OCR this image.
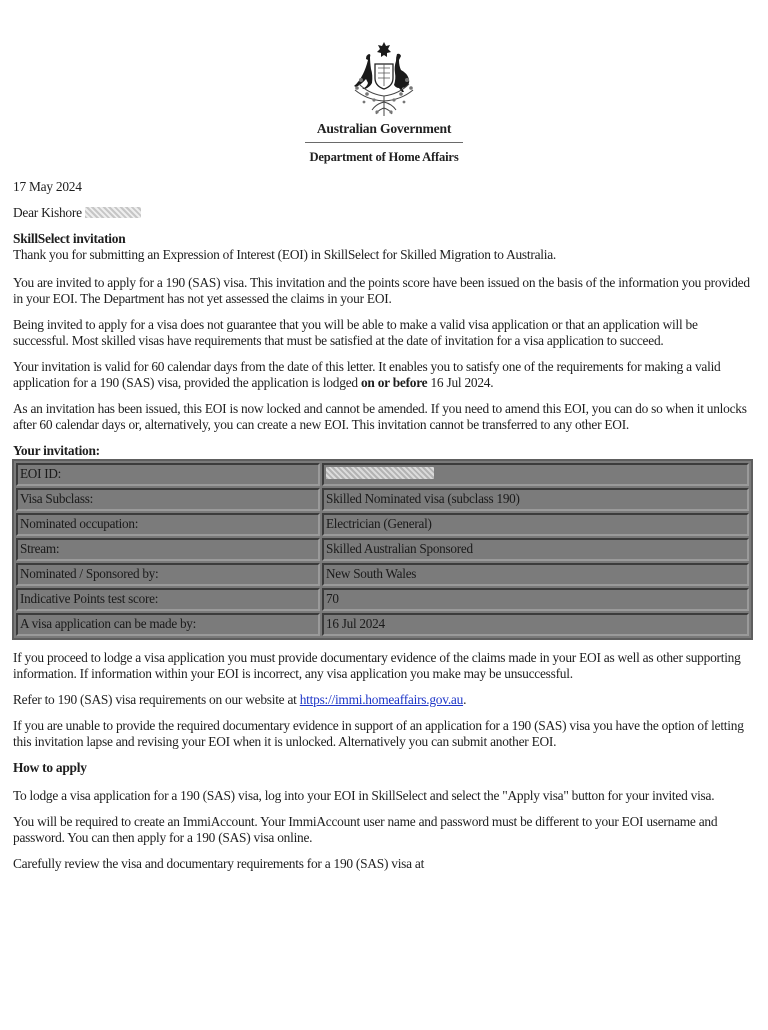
Australian Government
Department of Home Affairs

17 May 2024

Dear Kishore

SkillSelect invitation
Thank you for submitting an Expression of Interest (EOI) in SkillSelect for Skilled Migration to Australia.

You are invited to apply for a 190 (SAS) visa. This invitation and the points score have been issued on the basis of the information you provided in your EOI. The Department has not yet assessed the claims in your EOI.

Being invited to apply for a visa does not guarantee that you will be able to make a valid visa application or that an application will be successful. Most skilled visas have requirements that must be satisfied at the date of invitation for a visa application to succeed.

Your invitation is valid for 60 calendar days from the date of this letter. It enables you to satisfy one of the requirements for making a valid application for a 190 (SAS) visa, provided the application is lodged on or before 16 Jul 2024.

As an invitation has been issued, this EOI is now locked and cannot be amended. If you need to amend this EOI, you can do so when it unlocks after 60 calendar days or, alternatively, you can create a new EOI. This invitation cannot be transferred to any other EOI.

Your invitation:

EOI ID:	
Visa Subclass:	Skilled Nominated visa (subclass 190)
Nominated occupation:	Electrician (General)
Stream:	Skilled Australian Sponsored
Nominated / Sponsored by:	New South Wales
Indicative Points test score:	70
A visa application can be made by:	16 Jul 2024

If you proceed to lodge a visa application you must provide documentary evidence of the claims made in your EOI as well as other supporting information. If information within your EOI is incorrect, any visa application you make may be unsuccessful.

Refer to 190 (SAS) visa requirements on our website at https://immi.homeaffairs.gov.au.

If you are unable to provide the required documentary evidence in support of an application for a 190 (SAS) visa you have the option of letting this invitation lapse and revising your EOI when it is unlocked. Alternatively you can submit another EOI.

How to apply

To lodge a visa application for a 190 (SAS) visa, log into your EOI in SkillSelect and select the "Apply visa" button for your invited visa.

You will be required to create an ImmiAccount. Your ImmiAccount user name and password must be different to your EOI username and password. You can then apply for a 190 (SAS) visa online.

Carefully review the visa and documentary requirements for a 190 (SAS) visa at
